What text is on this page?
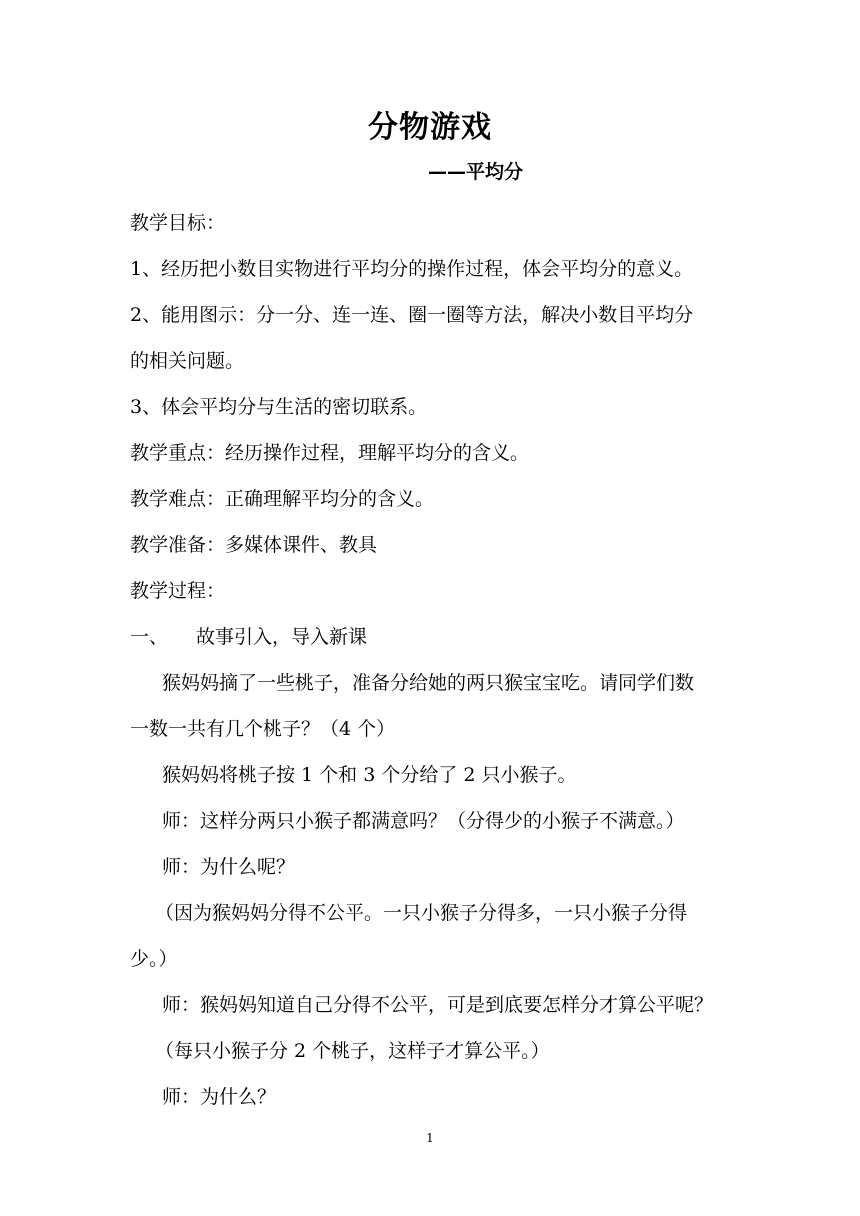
分物游戏
——平均分
教学目标：
1、经历把小数目实物进行平均分的操作过程，体会平均分的意义。
2、能用图示：分一分、连一连、圈一圈等方法，解决小数目平均分
的相关问题。
3、体会平均分与生活的密切联系。
教学重点：经历操作过程，理解平均分的含义。
教学难点：正确理解平均分的含义。
教学准备：多媒体课件、教具
教学过程：
一、 故事引入，导入新课
猴妈妈摘了一些桃子，准备分给她的两只猴宝宝吃。请同学们数
一数一共有几个桃子？（4 个）
猴妈妈将桃子按 1 个和 3 个分给了 2 只小猴子。
师：这样分两只小猴子都满意吗？（分得少的小猴子不满意。）
师：为什么呢？
（因为猴妈妈分得不公平。一只小猴子分得多，一只小猴子分得
少。）
师：猴妈妈知道自己分得不公平，可是到底要怎样分才算公平呢？
（每只小猴子分 2 个桃子，这样子才算公平。）
师：为什么？
1
